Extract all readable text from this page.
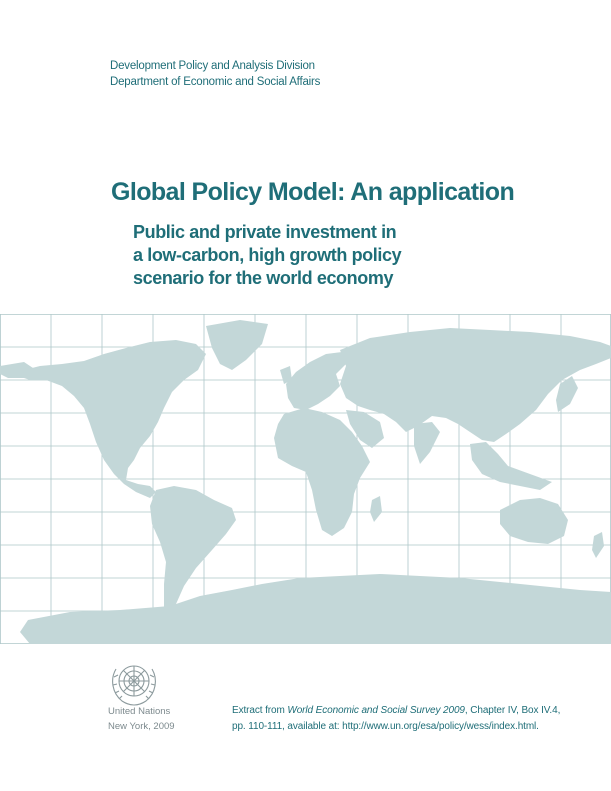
Development Policy and Analysis Division
Department of Economic and Social Affairs
Global Policy Model: An application
Public and private investment in
a low-carbon, high growth policy
scenario for the world economy
United Nations
New York, 2009
Extract from World Economic and Social Survey 2009, Chapter IV, Box IV.4,
pp. 110-111, available at: http://www.un.org/esa/policy/wess/index.html.
